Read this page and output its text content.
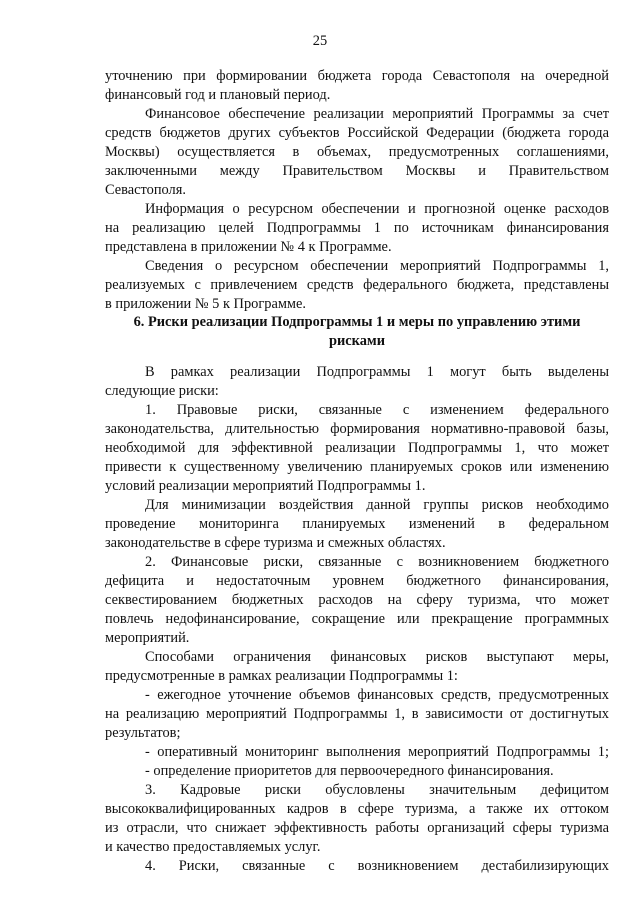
25
уточнению при формировании бюджета города Севастополя на очередной
финансовый год и плановый период.
Финансовое обеспечение реализации мероприятий Программы за счет
средств бюджетов других субъектов Российской Федерации (бюджета города
Москвы) осуществляется в объемах, предусмотренных соглашениями,
заключенными между Правительством Москвы и Правительством
Севастополя.
Информация о ресурсном обеспечении и прогнозной оценке расходов
на реализацию целей Подпрограммы 1 по источникам финансирования
представлена в приложении № 4 к Программе.
Сведения о ресурсном обеспечении мероприятий Подпрограммы 1,
реализуемых с привлечением средств федерального бюджета, представлены
в приложении № 5 к Программе.
6. Риски реализации Подпрограммы 1 и меры по управлению этими
рисками
В рамках реализации Подпрограммы 1 могут быть выделены
следующие риски:
1. Правовые риски, связанные с изменением федерального
законодательства, длительностью формирования нормативно-правовой базы,
необходимой для эффективной реализации Подпрограммы 1, что может
привести к существенному увеличению планируемых сроков или изменению
условий реализации мероприятий Подпрограммы 1.
Для минимизации воздействия данной группы рисков необходимо
проведение мониторинга планируемых изменений в федеральном
законодательстве в сфере туризма и смежных областях.
2. Финансовые риски, связанные с возникновением бюджетного
дефицита и недостаточным уровнем бюджетного финансирования,
секвестированием бюджетных расходов на сферу туризма, что может
повлечь недофинансирование, сокращение или прекращение программных
мероприятий.
Способами ограничения финансовых рисков выступают меры,
предусмотренные в рамках реализации Подпрограммы 1:
- ежегодное уточнение объемов финансовых средств, предусмотренных
на реализацию мероприятий Подпрограммы 1, в зависимости от достигнутых
результатов;
- оперативный мониторинг выполнения мероприятий Подпрограммы 1;
- определение приоритетов для первоочередного финансирования.
3. Кадровые риски обусловлены значительным дефицитом
высококвалифицированных кадров в сфере туризма, а также их оттоком
из отрасли, что снижает эффективность работы организаций сферы туризма
и качество предоставляемых услуг.
4. Риски, связанные с возникновением дестабилизирующих
